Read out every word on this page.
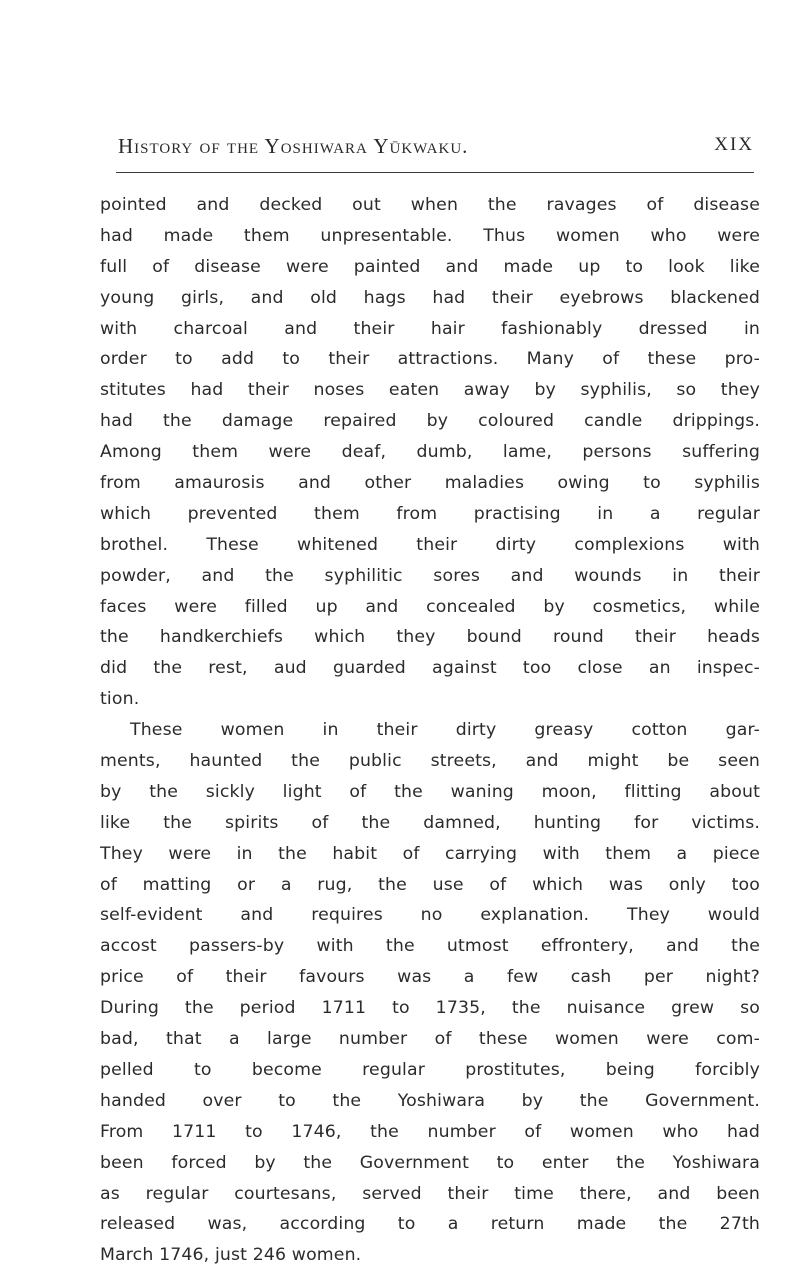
History of the Yoshiwara Yūkwaku.	XIX
pointed and decked out when the ravages of disease
had made them unpresentable. Thus women who were
full of disease were painted and made up to look like
young girls, and old hags had their eyebrows blackened
with charcoal and their hair fashionably dressed in
order to add to their attractions. Many of these pro-
stitutes had their noses eaten away by syphilis, so they
had the damage repaired by coloured candle drippings.
Among them were deaf, dumb, lame, persons suffering
from amaurosis and other maladies owing to syphilis
which prevented them from practising in a regular
brothel. These whitened their dirty complexions with
powder, and the syphilitic sores and wounds in their
faces were filled up and concealed by cosmetics, while
the handkerchiefs which they bound round their heads
did the rest, aud guarded against too close an inspec-
tion.
These women in their dirty greasy cotton gar-
ments, haunted the public streets, and might be seen
by the sickly light of the waning moon, flitting about
like the spirits of the damned, hunting for victims.
They were in the habit of carrying with them a piece
of matting or a rug, the use of which was only too
self-evident and requires no explanation. They would
accost passers-by with the utmost effrontery, and the
price of their favours was a few cash per night?
During the period 1711 to 1735, the nuisance grew so
bad, that a large number of these women were com-
pelled to become regular prostitutes, being forcibly
handed over to the Yoshiwara by the Government.
From 1711 to 1746, the number of women who had
been forced by the Government to enter the Yoshiwara
as regular courtesans, served their time there, and been
released was, according to a return made the 27th
March 1746, just 246 women.
